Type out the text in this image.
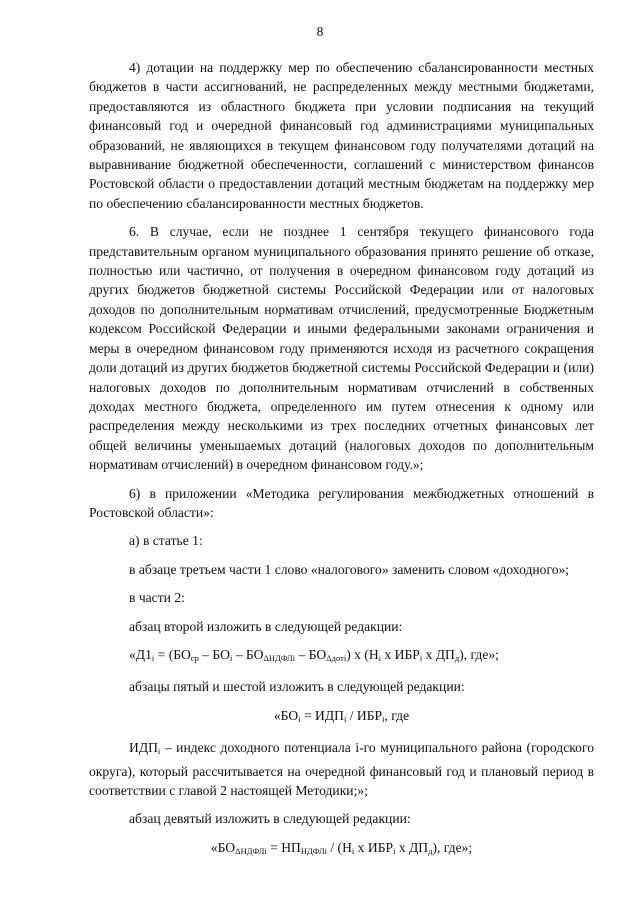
8

4) дотации на поддержку мер по обеспечению сбалансированности местных бюджетов в части ассигнований, не распределенных между местными бюджетами, предоставляются из областного бюджета при условии подписания на текущий финансовый год и очередной финансовый год администрациями муниципальных образований, не являющихся в текущем финансовом году получателями дотаций на выравнивание бюджетной обеспеченности, соглашений с министерством финансов Ростовской области о предоставлении дотаций местным бюджетам на поддержку мер по обеспечению сбалансированности местных бюджетов.

6. В случае, если не позднее 1 сентября текущего финансового года представительным органом муниципального образования принято решение об отказе, полностью или частично, от получения в очередном финансовом году дотаций из других бюджетов бюджетной системы Российской Федерации или от налоговых доходов по дополнительным нормативам отчислений, предусмотренные Бюджетным кодексом Российской Федерации и иными федеральными законами ограничения и меры в очередном финансовом году применяются исходя из расчетного сокращения доли дотаций из других бюджетов бюджетной системы Российской Федерации и (или) налоговых доходов по дополнительным нормативам отчислений в собственных доходах местного бюджета, определенного им путем отнесения к одному или распределения между несколькими из трех последних отчетных финансовых лет общей величины уменьшаемых дотаций (налоговых доходов по дополнительным нормативам отчислений) в очередном финансовом году.»;

6) в приложении «Методика регулирования межбюджетных отношений в Ростовской области»:

а) в статье 1:

в абзаце третьем части 1 слово «налогового» заменить словом «доходного»;

в части 2:

абзац второй изложить в следующей редакции:

«$Д1_i = (БО_{ср} - БО_i - БО_{\Delta НДФЛi} - БО_{\Delta дотi})$ x ($Н_i$ x $ИБР_i$ x $ДП_д$), где»;

абзацы пятый и шестой изложить в следующей редакции:

«$БО_i = ИДП_i / ИБР_i$, где

$ИДП_i$ – индекс доходного потенциала i-го муниципального района (городского округа), который рассчитывается на очередной финансовый год и плановый период в соответствии с главой 2 настоящей Методики;»;

абзац девятый изложить в следующей редакции:

«$БО_{\Delta НДФЛi} = НП_{НДФЛi} / (Н_i$ x $ИБР_i$ x $ДП_д$), где»;
